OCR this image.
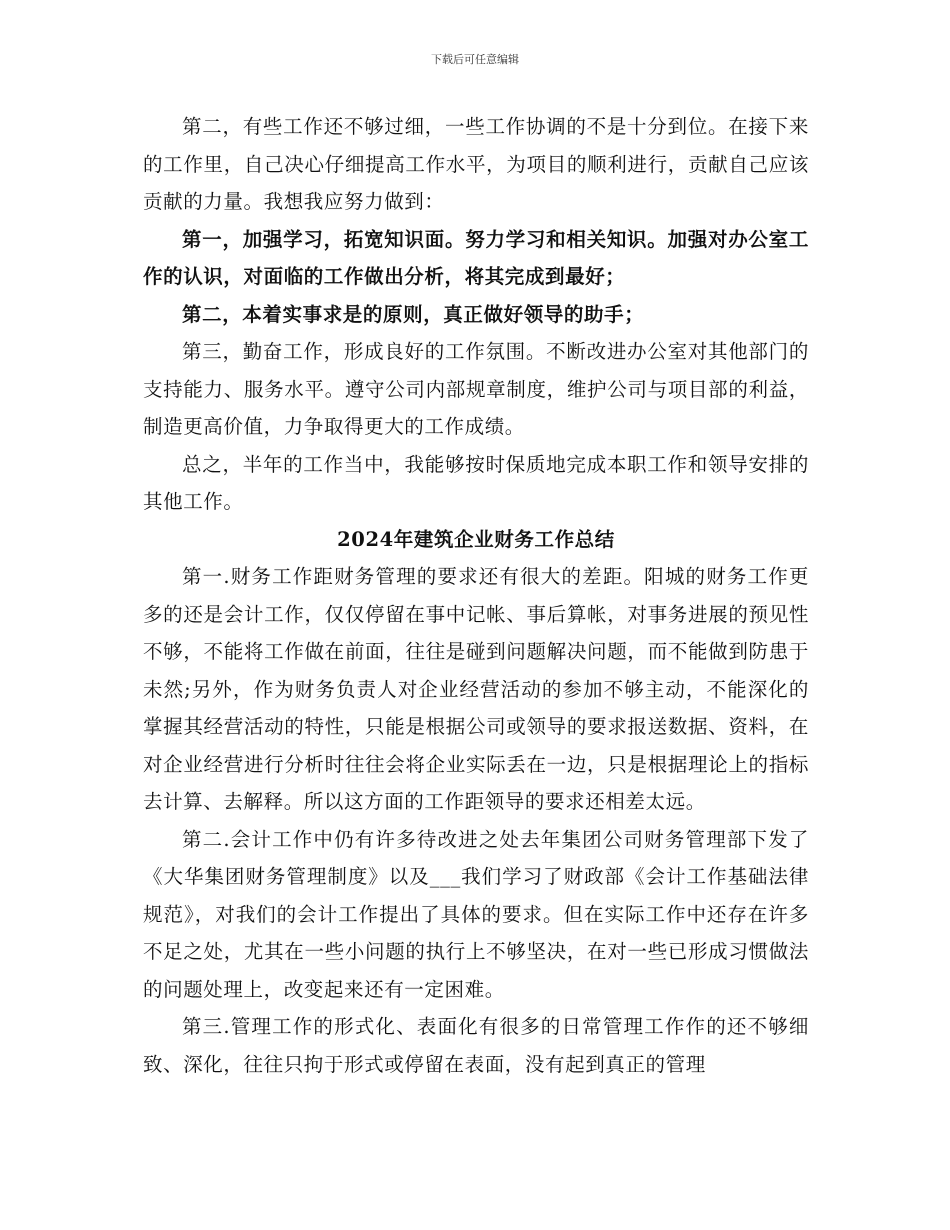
下载后可任意编辑

第二，有些工作还不够过细，一些工作协调的不是十分到位。在接下来的工作里，自己决心仔细提高工作水平，为项目的顺利进行，贡献自己应该贡献的力量。我想我应努力做到：

第一，加强学习，拓宽知识面。努力学习和相关知识。加强对办公室工作的认识，对面临的工作做出分析，将其完成到最好；

第二，本着实事求是的原则，真正做好领导的助手；

第三，勤奋工作，形成良好的工作氛围。不断改进办公室对其他部门的支持能力、服务水平。遵守公司内部规章制度，维护公司与项目部的利益，制造更高价值，力争取得更大的工作成绩。

总之，半年的工作当中，我能够按时保质地完成本职工作和领导安排的其他工作。

2024年建筑企业财务工作总结

第一.财务工作距财务管理的要求还有很大的差距。阳城的财务工作更多的还是会计工作，仅仅停留在事中记帐、事后算帐，对事务进展的预见性不够，不能将工作做在前面，往往是碰到问题解决问题，而不能做到防患于未然;另外，作为财务负责人对企业经营活动的参加不够主动，不能深化的掌握其经营活动的特性，只能是根据公司或领导的要求报送数据、资料，在对企业经营进行分析时往往会将企业实际丢在一边，只是根据理论上的指标去计算、去解释。所以这方面的工作距领导的要求还相差太远。

第二.会计工作中仍有许多待改进之处去年集团公司财务管理部下发了《大华集团财务管理制度》以及___我们学习了财政部《会计工作基础法律规范》，对我们的会计工作提出了具体的要求。但在实际工作中还存在许多不足之处，尤其在一些小问题的执行上不够坚决，在对一些已形成习惯做法的问题处理上，改变起来还有一定困难。

第三.管理工作的形式化、表面化有很多的日常管理工作作的还不够细致、深化，往往只拘于形式或停留在表面，没有起到真正的管理
